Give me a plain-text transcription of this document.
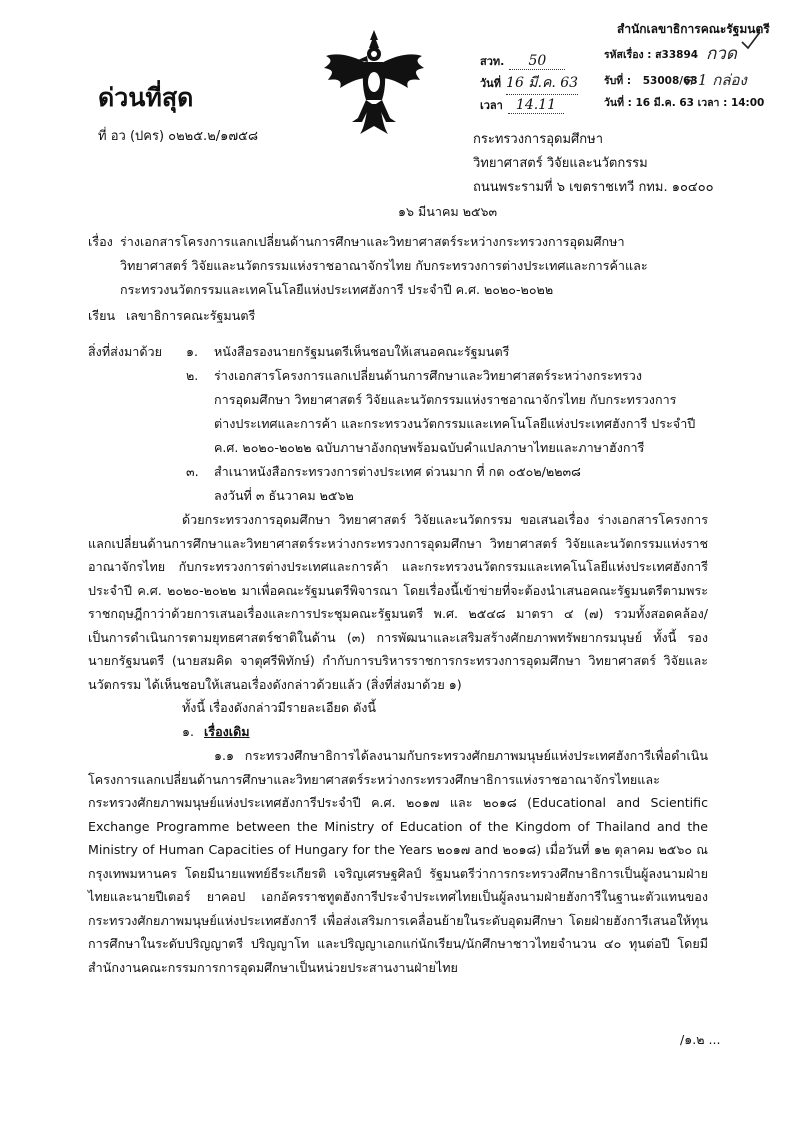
ด่วนที่สุด
ที่ อว (ปคร) ๐๒๒๕.๒/๑๗๕๘
สวท. 50
วันที่ 16 มี.ค. 63
เวลา 14.11
สำนักเลขาธิการคณะรัฐมนตรี
รหัสเรื่อง : ส33894
รับที่ : 53008/63
วันที่ : 16 มี.ค. 63 เวลา : 14:00
กวด
ส 1 กล่อง
กระทรวงการอุดมศึกษา
วิทยาศาสตร์ วิจัยและนวัตกรรม
ถนนพระรามที่ ๖ เขตราชเทวี กทม. ๑๐๔๐๐
๑๖ มีนาคม ๒๕๖๓
เรื่อง ร่างเอกสารโครงการแลกเปลี่ยนด้านการศึกษาและวิทยาศาสตร์ระหว่างกระทรวงการอุดมศึกษา
วิทยาศาสตร์ วิจัยและนวัตกรรมแห่งราชอาณาจักรไทย กับกระทรวงการต่างประเทศและการค้าและ
กระทรวงนวัตกรรมและเทคโนโลยีแห่งประเทศฮังการี ประจำปี ค.ศ. ๒๐๒๐-๒๐๒๒
เรียน เลขาธิการคณะรัฐมนตรี
สิ่งที่ส่งมาด้วย ๑. หนังสือรองนายกรัฐมนตรีเห็นชอบให้เสนอคณะรัฐมนตรี
๒. ร่างเอกสารโครงการแลกเปลี่ยนด้านการศึกษาและวิทยาศาสตร์ระหว่างกระทรวง
การอุดมศึกษา วิทยาศาสตร์ วิจัยและนวัตกรรมแห่งราชอาณาจักรไทย กับกระทรวงการ
ต่างประเทศและการค้า และกระทรวงนวัตกรรมและเทคโนโลยีแห่งประเทศฮังการี ประจำปี
ค.ศ. ๒๐๒๐-๒๐๒๒ ฉบับภาษาอังกฤษพร้อมฉบับคำแปลภาษาไทยและภาษาฮังการี
๓. สำเนาหนังสือกระทรวงการต่างประเทศ ด่วนมาก ที่ กต ๐๕๐๒/๒๒๓๘
ลงวันที่ ๓ ธันวาคม ๒๕๖๒
ด้วยกระทรวงการอุดมศึกษา วิทยาศาสตร์ วิจัยและนวัตกรรม ขอเสนอเรื่อง ร่างเอกสารโครงการแลกเปลี่ยนด้านการศึกษาและวิทยาศาสตร์ระหว่างกระทรวงการอุดมศึกษา วิทยาศาสตร์ วิจัยและนวัตกรรมแห่งราชอาณาจักรไทย กับกระทรวงการต่างประเทศและการค้า และกระทรวงนวัตกรรมและเทคโนโลยีแห่งประเทศฮังการี ประจำปี ค.ศ. ๒๐๒๐-๒๐๒๒ มาเพื่อคณะรัฐมนตรีพิจารณา โดยเรื่องนี้เข้าข่ายที่จะต้องนำเสนอคณะรัฐมนตรีตามพระราชกฤษฎีกาว่าด้วยการเสนอเรื่องและการประชุมคณะรัฐมนตรี พ.ศ. ๒๕๔๘ มาตรา ๔ (๗) รวมทั้งสอดคล้อง/เป็นการดำเนินการตามยุทธศาสตร์ชาติในด้าน (๓) การพัฒนาและเสริมสร้างศักยภาพทรัพยากรมนุษย์ ทั้งนี้ รองนายกรัฐมนตรี (นายสมคิด จาตุศรีพิทักษ์) กำกับการบริหารราชการกระทรวงการอุดมศึกษา วิทยาศาสตร์ วิจัยและนวัตกรรม ได้เห็นชอบให้เสนอเรื่องดังกล่าวด้วยแล้ว (สิ่งที่ส่งมาด้วย ๑)
ทั้งนี้ เรื่องดังกล่าวมีรายละเอียด ดังนี้
๑. เรื่องเดิม
๑.๑ กระทรวงศึกษาธิการได้ลงนามกับกระทรวงศักยภาพมนุษย์แห่งประเทศฮังการีเพื่อดำเนินโครงการแลกเปลี่ยนด้านการศึกษาและวิทยาศาสตร์ระหว่างกระทรวงศึกษาธิการแห่งราชอาณาจักรไทยและกระทรวงศักยภาพมนุษย์แห่งประเทศฮังการีประจำปี ค.ศ. ๒๐๑๗ และ ๒๐๑๘ (Educational and Scientific Exchange Programme between the Ministry of Education of the Kingdom of Thailand and the Ministry of Human Capacities of Hungary for the Years ๒๐๑๗ and ๒๐๑๘) เมื่อวันที่ ๑๒ ตุลาคม ๒๕๖๐ ณ กรุงเทพมหานคร โดยมีนายแพทย์ธีระเกียรติ เจริญเศรษฐศิลป์ รัฐมนตรีว่าการกระทรวงศึกษาธิการเป็นผู้ลงนามฝ่ายไทยและนายปีเตอร์ ยาคอป เอกอัครราชทูตฮังการีประจำประเทศไทยเป็นผู้ลงนามฝ่ายฮังการีในฐานะตัวแทนของกระทรวงศักยภาพมนุษย์แห่งประเทศฮังการี เพื่อส่งเสริมการเคลื่อนย้ายในระดับอุดมศึกษา โดยฝ่ายฮังการีเสนอให้ทุนการศึกษาในระดับปริญญาตรี ปริญญาโท และปริญญาเอกแก่นักเรียน/นักศึกษาชาวไทยจำนวน ๔๐ ทุนต่อปี โดยมีสำนักงานคณะกรรมการการอุดมศึกษาเป็นหน่วยประสานงานฝ่ายไทย
/๑.๒ ...
